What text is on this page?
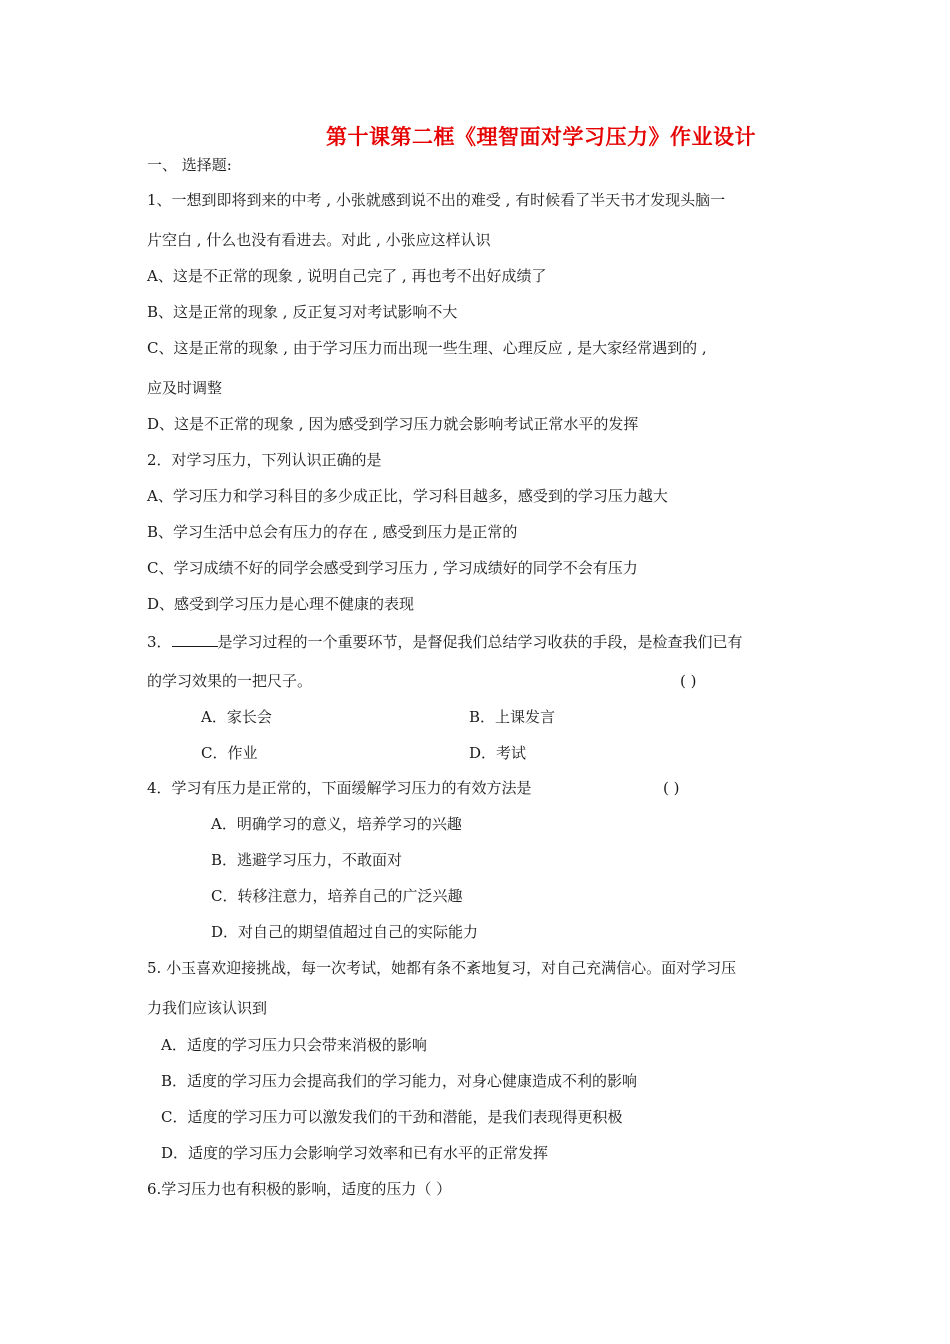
第十课第二框《理智面对学习压力》作业设计
一、 选择题:
1、一想到即将到来的中考 , 小张就感到说不出的难受 , 有时候看了半天书才发现头脑一
片空白 , 什么也没有看进去。对此 , 小张应这样认识
A、这是不正常的现象 , 说明自己完了 , 再也考不出好成绩了
B、这是正常的现象 , 反正复习对考试影响不大
C、这是正常的现象 , 由于学习压力而出现一些生理、心理反应 , 是大家经常遇到的 ,
应及时调整
D、这是不正常的现象 , 因为感受到学习压力就会影响考试正常水平的发挥
2．对学习压力，下列认识正确的是
A、学习压力和学习科目的多少成正比，学习科目越多，感受到的学习压力越大
B、学习生活中总会有压力的存在 , 感受到压力是正常的
C、学习成绩不好的同学会感受到学习压力 , 学习成绩好的同学不会有压力
D、感受到学习压力是心理不健康的表现
3．	是学习过程的一个重要环节，是督促我们总结学习收获的手段，是检查我们已有
的学习效果的一把尺子。	( )
A．家长会	B．上课发言
C．作业	D．考试
4．学习有压力是正常的，下面缓解学习压力的有效方法是	( )
A．明确学习的意义，培养学习的兴趣
B．逃避学习压力，不敢面对
C．转移注意力，培养自己的广泛兴趣
D．对自己的期望值超过自己的实际能力
5. 小玉喜欢迎接挑战，每一次考试，她都有条不紊地复习，对自己充满信心。面对学习压
力我们应该认识到
A．适度的学习压力只会带来消极的影响
B．适度的学习压力会提高我们的学习能力，对身心健康造成不利的影响
C．适度的学习压力可以激发我们的干劲和潜能，是我们表现得更积极
D．适度的学习压力会影响学习效率和已有水平的正常发挥
6.学习压力也有积极的影响，适度的压力（ ）
